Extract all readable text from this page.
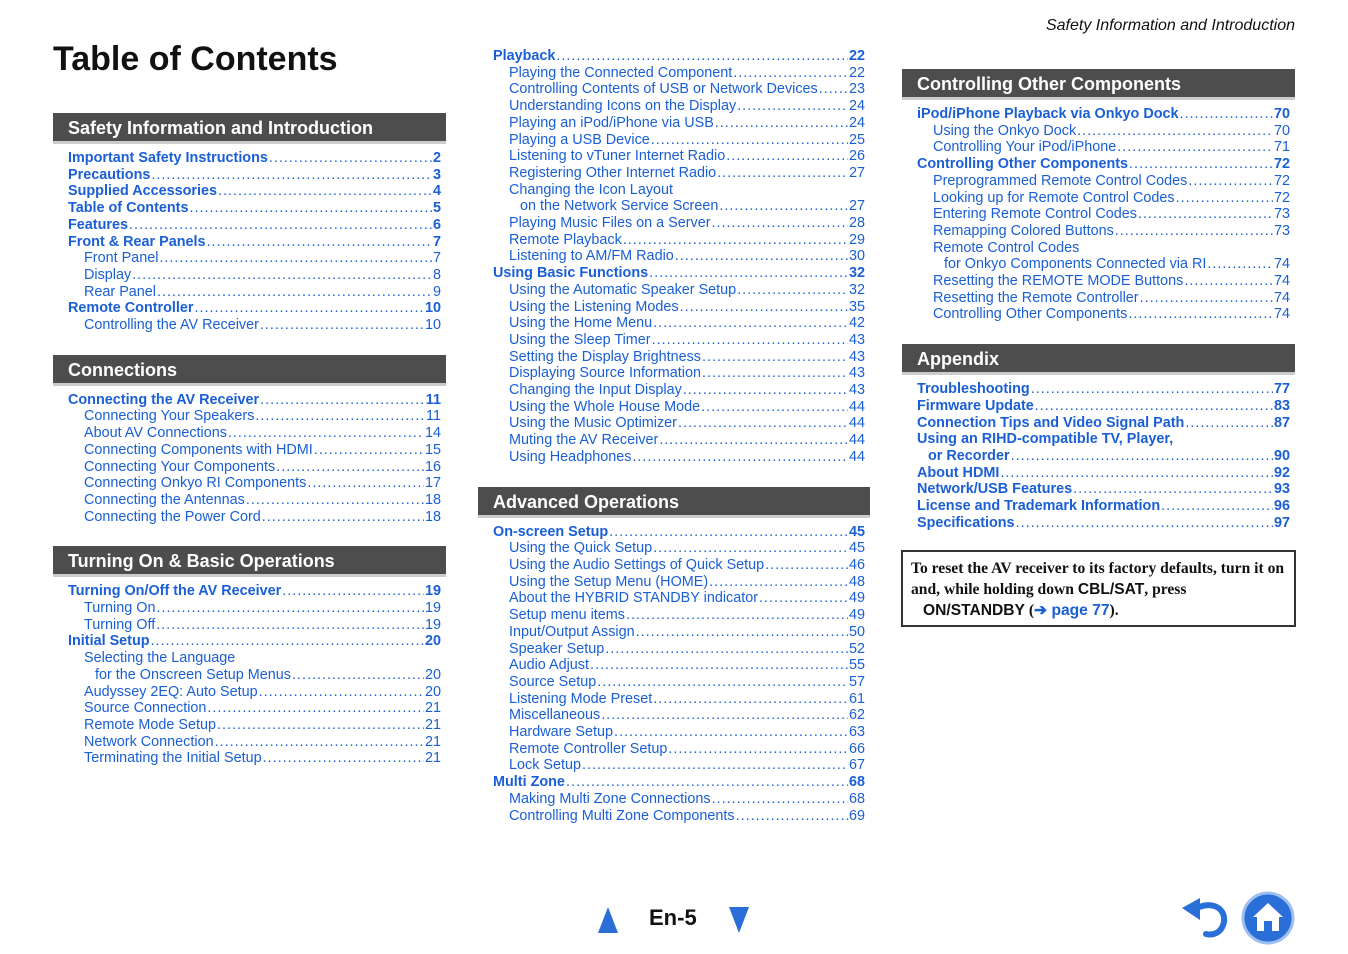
Safety Information and Introduction
Table of Contents
Safety Information and Introduction
Important Safety Instructions .....	2
Precautions .....	3
Supplied Accessories .....	4
Table of Contents .....	5
Features .....	6
Front & Rear Panels .....	7
Front Panel .....	7
Display .....	8
Rear Panel .....	9
Remote Controller .....	10
Controlling the AV Receiver .....	10
Connections
Connecting the AV Receiver .....	11
Connecting Your Speakers .....	11
About AV Connections .....	14
Connecting Components with HDMI .....	15
Connecting Your Components .....	16
Connecting Onkyo RI Components .....	17
Connecting the Antennas .....	18
Connecting the Power Cord .....	18
Turning On & Basic Operations
Turning On/Off the AV Receiver .....	19
Turning On .....	19
Turning Off .....	19
Initial Setup .....	20
Selecting the Language
for the Onscreen Setup Menus .....	20
Audyssey 2EQ: Auto Setup .....	20
Source Connection .....	21
Remote Mode Setup .....	21
Network Connection .....	21
Terminating the Initial Setup .....	21
Playback .....	22
Playing the Connected Component .....	22
Controlling Contents of USB or Network Devices ..... 23
Understanding Icons on the Display .....	24
Playing an iPod/iPhone via USB .....	24
Playing a USB Device .....	25
Listening to vTuner Internet Radio .....	26
Registering Other Internet Radio .....	27
Changing the Icon Layout
on the Network Service Screen .....	27
Playing Music Files on a Server .....	28
Remote Playback .....	29
Listening to AM/FM Radio .....	30
Using Basic Functions .....	32
Using the Automatic Speaker Setup .....	32
Using the Listening Modes .....	35
Using the Home Menu .....	42
Using the Sleep Timer .....	43
Setting the Display Brightness .....	43
Displaying Source Information .....	43
Changing the Input Display .....	43
Using the Whole House Mode .....	44
Using the Music Optimizer .....	44
Muting the AV Receiver .....	44
Using Headphones .....	44
Advanced Operations
On-screen Setup .....	45
Using the Quick Setup .....	45
Using the Audio Settings of Quick Setup .....	46
Using the Setup Menu (HOME) .....	48
About the HYBRID STANDBY indicator .....	49
Setup menu items .....	49
Input/Output Assign .....	50
Speaker Setup .....	52
Audio Adjust .....	55
Source Setup .....	57
Listening Mode Preset .....	61
Miscellaneous .....	62
Hardware Setup .....	63
Remote Controller Setup .....	66
Lock Setup .....	67
Multi Zone .....	68
Making Multi Zone Connections .....	68
Controlling Multi Zone Components .....	69
Controlling Other Components
iPod/iPhone Playback via Onkyo Dock .....	70
Using the Onkyo Dock .....	70
Controlling Your iPod/iPhone .....	71
Controlling Other Components .....	72
Preprogrammed Remote Control Codes .....	72
Looking up for Remote Control Codes .....	72
Entering Remote Control Codes .....	73
Remapping Colored Buttons .....	73
Remote Control Codes
for Onkyo Components Connected via RI .....	74
Resetting the REMOTE MODE Buttons .....	74
Resetting the Remote Controller .....	74
Controlling Other Components .....	74
Appendix
Troubleshooting .....	77
Firmware Update .....	83
Connection Tips and Video Signal Path .....	87
Using an RIHD-compatible TV, Player,
or Recorder .....	90
About HDMI .....	92
Network/USB Features .....	93
License and Trademark Information .....	96
Specifications .....	97
To reset the AV receiver to its factory defaults, turn it on and, while holding down CBL/SAT, press
ON/STANDBY (➔ page 77).
En-5
